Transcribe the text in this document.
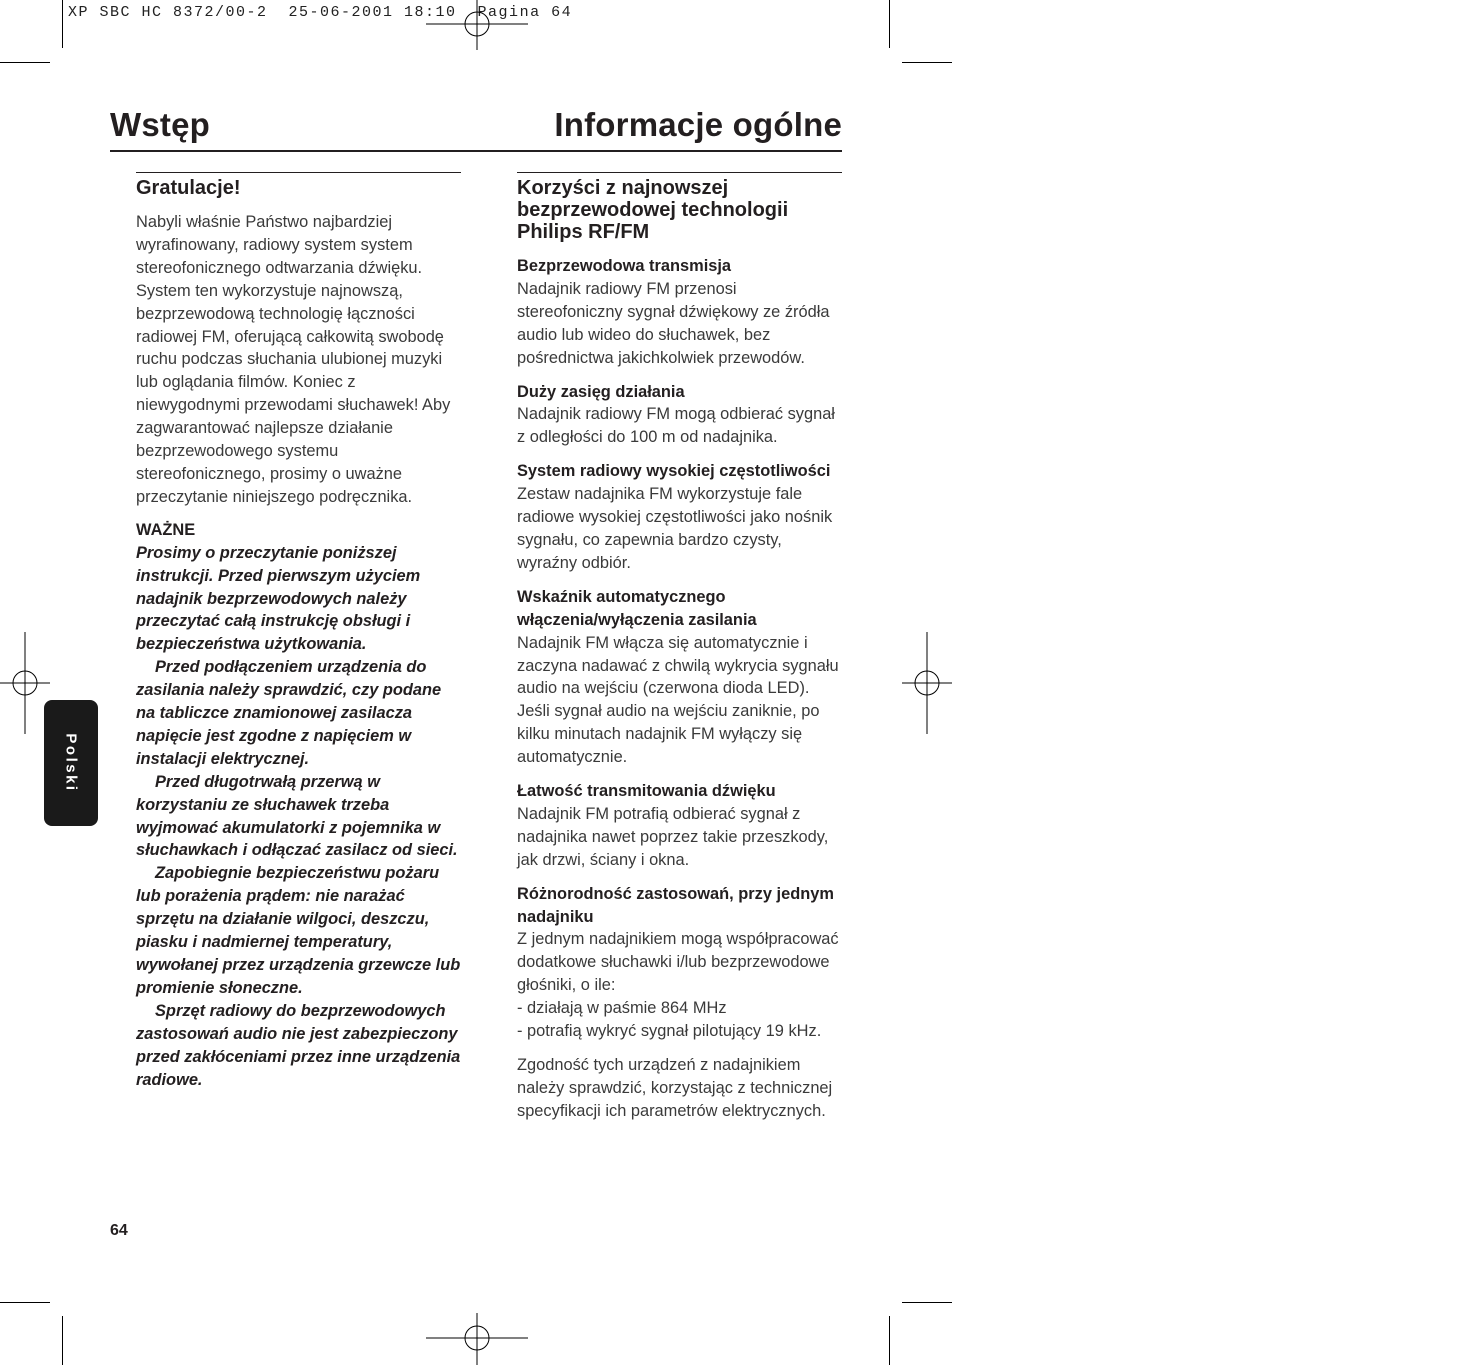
XP SBC HC 8372/00-2  25-06-2001 18:10  Pagina 64
Wstęp	Informacje ogólne
Gratulacje!

Nabyli właśnie Państwo najbardziej wyrafinowany, radiowy system system stereofonicznego odtwarzania dźwięku. System ten wykorzystuje najnowszą, bezprzewodową technologię łączności radiowej FM, oferującą całkowitą swobodę ruchu podczas słuchania ulubionej muzyki lub oglądania filmów. Koniec z niewygodnymi przewodami słuchawek! Aby zagwarantować najlepsze działanie bezprzewodowego systemu stereofonicznego, prosimy o uważne przeczytanie niniejszego podręcznika.

WAŻNE

Prosimy o przeczytanie poniższej instrukcji. Przed pierwszym użyciem nadajnik bezprzewodowych należy przeczytać całą instrukcję obsługi i bezpieczeństwa użytkowania.

Przed podłączeniem urządzenia do zasilania należy sprawdzić, czy podane na tabliczce znamionowej zasilacza napięcie jest zgodne z napięciem w instalacji elektrycznej.

Przed długotrwałą przerwą w korzystaniu ze słuchawek trzeba wyjmować akumulatorki z pojemnika w słuchawkach i odłączać zasilacz od sieci.

Zapobiegnie bezpieczeństwu pożaru lub porażenia prądem: nie narażać sprzętu na działanie wilgoci, deszczu, piasku i nadmiernej temperatury, wywołanej przez urządzenia grzewcze lub promienie słoneczne.

Sprzęt radiowy do bezprzewodowych zastosowań audio nie jest zabezpieczony przed zakłóceniami przez inne urządzenia radiowe.

Korzyści z najnowszej bezprzewodowej technologii Philips RF/FM
Bezprzewodowa transmisja

Nadajnik radiowy FM przenosi stereofoniczny sygnał dźwiękowy ze źródła audio lub wideo do słuchawek, bez pośrednictwa jakichkolwiek przewodów.

Duży zasięg działania

Nadajnik radiowy FM mogą odbierać sygnał z odległości do 100 m od nadajnika.

System radiowy wysokiej częstotliwości

Zestaw nadajnika FM wykorzystuje fale radiowe wysokiej częstotliwości jako nośnik sygnału, co zapewnia bardzo czysty, wyraźny odbiór.

Wskaźnik automatycznego włączenia/wyłączenia zasilania

Nadajnik FM włącza się automatycznie i zaczyna nadawać z chwilą wykrycia sygnału audio na wejściu (czerwona dioda LED). Jeśli sygnał audio na wejściu zaniknie, po kilku minutach nadajnik FM wyłączy się automatycznie.

Łatwość transmitowania dźwięku

Nadajnik FM potrafią odbierać sygnał z nadajnika nawet poprzez takie przeszkody, jak drzwi, ściany i okna.

Różnorodność zastosowań, przy jednym nadajniku

Z jednym nadajnikiem mogą współpracować dodatkowe słuchawki i/lub bezprzewodowe głośniki, o ile:

- działają w paśmie 864 MHz
- potrafią wykryć sygnał pilotujący 19 kHz.

Zgodność tych urządzeń z nadajnikiem należy sprawdzić, korzystając z technicznej specyfikacji ich parametrów elektrycznych.

Polski
64
